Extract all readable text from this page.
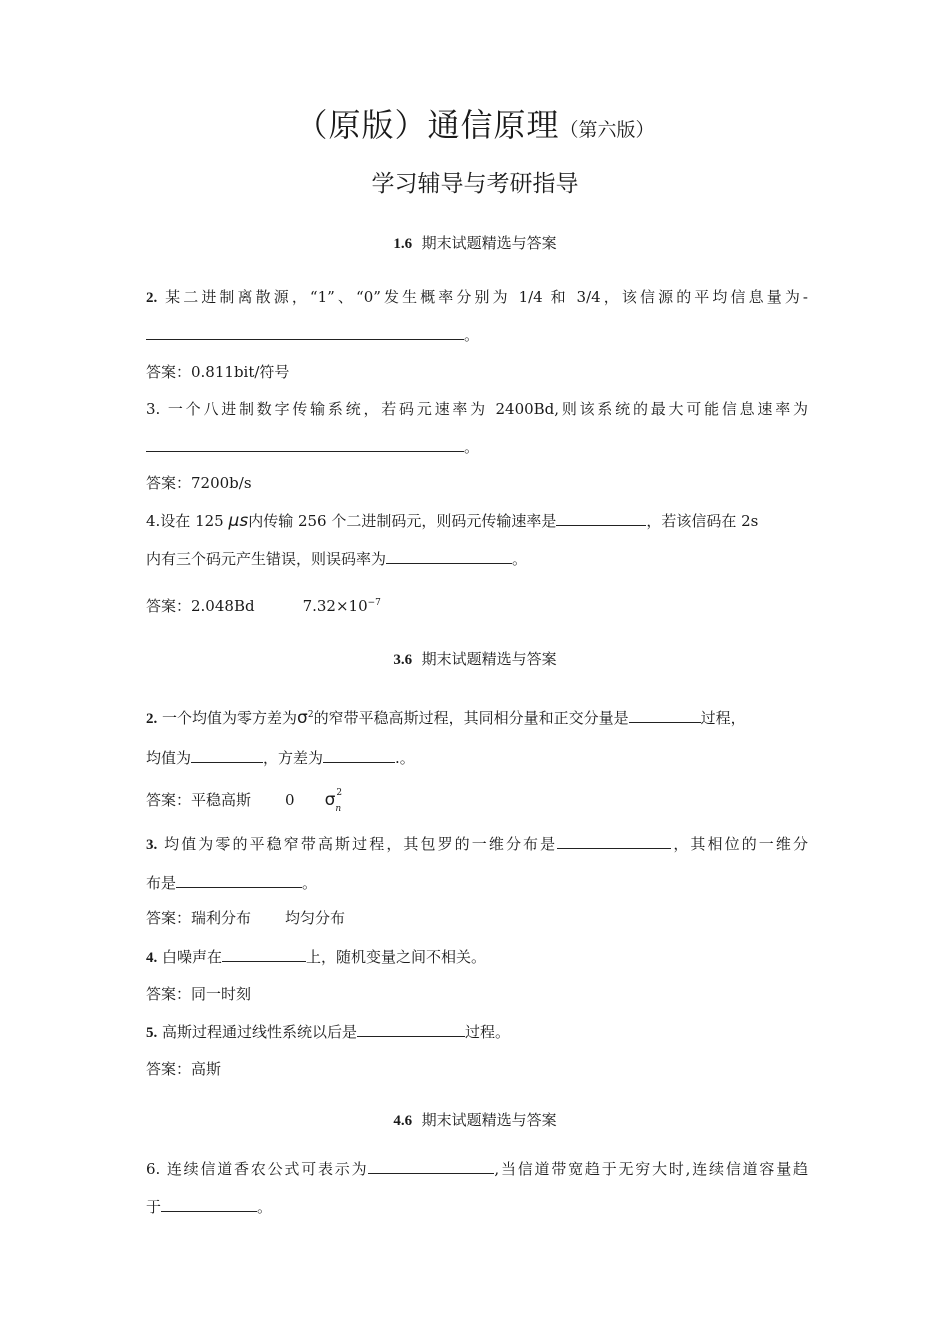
（原版）通信原理（第六版）
学习辅导与考研指导
1.6 期末试题精选与答案
2. 某二进制离散源，“1”、“0”发生概率分别为 1/4 和 3/4，该信源的平均信息量为-
。
答案：0.811bit/符号
3. 一个八进制数字传输系统，若码元速率为 2400Bd,则该系统的最大可能信息速率为
。
答案：7200b/s
4.设在 125 μs内传输 256 个二进制码元，则码元传输速率是	，若该信码在 2s
内有三个码元产生错误，则误码率为	。
答案：2.048Bd	$7.32\times 10^{-7}$
3.6 期末试题精选与答案
2. 一个均值为零方差为$\sigma^2$的窄带平稳高斯过程，其同相分量和正交分量是	过程，
均值为	，方差为	.。
答案：平稳高斯 0 σ 2
n
3. 均值为零的平稳窄带高斯过程，其包罗的一维分布是	，其相位的一维分
布是	。
答案：瑞利分布 均匀分布
4. 白噪声在	上，随机变量之间不相关。
答案：同一时刻
5. 高斯过程通过线性系统以后是	过程。
答案：高斯
4.6 期末试题精选与答案
6. 连续信道香农公式可表示为	,当信道带宽趋于无穷大时,连续信道容量趋
于	。
